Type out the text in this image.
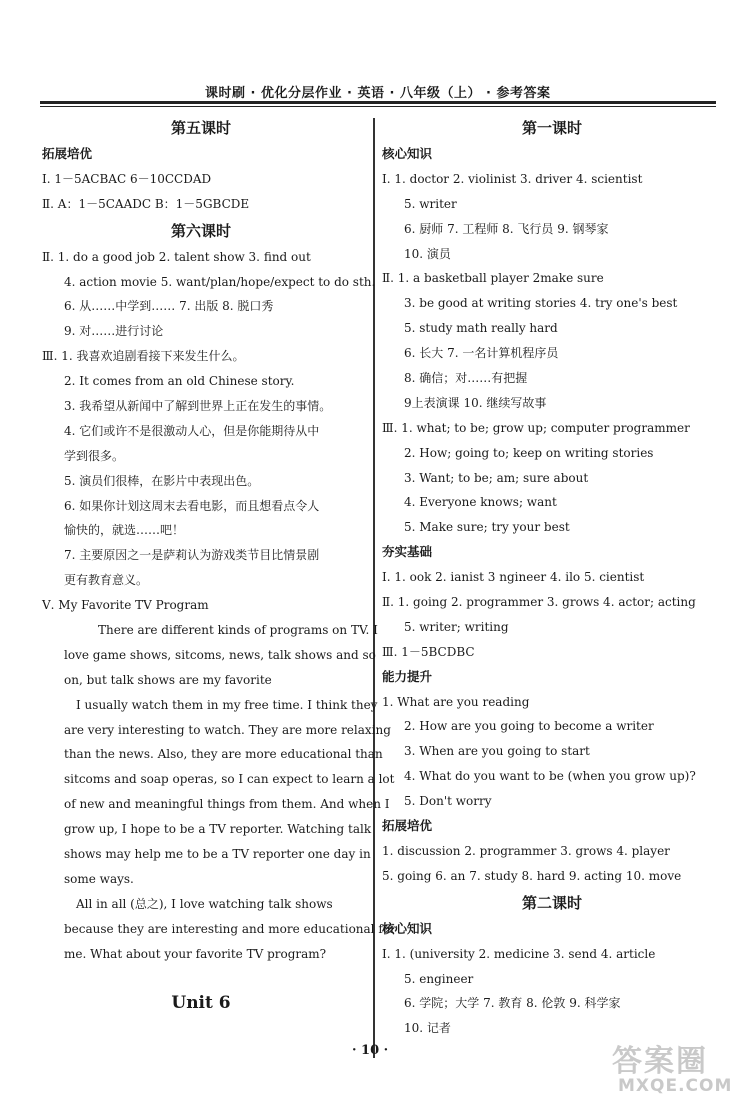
课时刷 · 优化分层作业 · 英语 · 八年级（上） · 参考答案
第五课时
拓展培优
Ⅰ. 1－5ACBAC 6－10CCDAD
Ⅱ. A：1－5CAADC B：1－5GBCDE
第六课时
Ⅱ. 1. do a good job 2. talent show 3. find out
4. action movie 5. want/plan/hope/expect to do sth.
6. 从……中学到…… 7. 出版 8. 脱口秀
9. 对……进行讨论
Ⅲ. 1. 我喜欢追剧看接下来发生什么。
2. It comes from an old Chinese story.
3. 我希望从新闻中了解到世界上正在发生的事情。
4. 它们或许不是很激动人心，但是你能期待从中
学到很多。
5. 演员们很棒，在影片中表现出色。
6. 如果你计划这周末去看电影，而且想看点令人
愉快的，就选……吧！
7. 主要原因之一是萨莉认为游戏类节目比情景剧
更有教育意义。
Ⅴ. My Favorite TV Program
There are different kinds of programs on TV. I
love game shows, sitcoms, news, talk shows and so
on, but talk shows are my favorite
I usually watch them in my free time. I think they
are very interesting to watch. They are more relaxing
than the news. Also, they are more educational than
sitcoms and soap operas, so I can expect to learn a lot
of new and meaningful things from them. And when I
grow up, I hope to be a TV reporter. Watching talk
shows may help me to be a TV reporter one day in
some ways.
All in all (总之), I love watching talk shows
because they are interesting and more educational for
me. What about your favorite TV program?
Unit 6
第一课时
核心知识
Ⅰ. 1. doctor 2. violinist 3. driver 4. scientist
5. writer
6. 厨师 7. 工程师 8. 飞行员 9. 钢琴家
10. 演员
Ⅱ. 1. a basketball player 2make sure
3. be good at writing stories 4. try one's best
5. study math really hard
6. 长大 7. 一名计算机程序员
8. 确信；对……有把握
9上表演课 10. 继续写故事
Ⅲ. 1. what; to be; grow up; computer programmer
2. How; going to; keep on writing stories
3. Want; to be; am; sure about
4. Everyone knows; want
5. Make sure; try your best
夯实基础
Ⅰ. 1. ook 2. ianist 3 ngineer 4. ilo 5. cientist
Ⅱ. 1. going 2. programmer 3. grows 4. actor; acting
5. writer; writing
Ⅲ. 1－5BCDBC
能力提升
1. What are you reading
2. How are you going to become a writer
3. When are you going to start
4. What do you want to be (when you grow up)?
5. Don't worry
拓展培优
1. discussion 2. programmer 3. grows 4. player
5. going 6. an 7. study 8. hard 9. acting 10. move
第二课时
核心知识
Ⅰ. 1. (university 2. medicine 3. send 4. article
5. engineer
6. 学院；大学 7. 教育 8. 伦敦 9. 科学家
10. 记者
· 10 ·	答案圈
MXQE.COM
